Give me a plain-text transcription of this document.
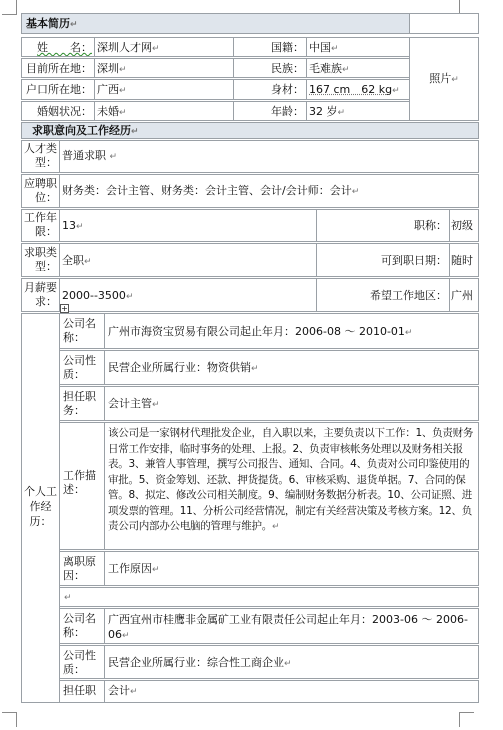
基本简历↵
姓　　名： 深圳人才网↵	国籍： 中国↵
照片↵
目前所在地： 深圳↵	民族： 毛难族↵
户口所在地： 广西↵	身材： 167 cm　62 kg↵
婚姻状况： 未婚↵	年龄： 32 岁↵
求职意向及工作经历↵
人才类型：
普通求职 ↵
应聘职位：
财务类：会计主管、财务类：会计主管、会计/会计师：会计↵
工作年限： 13↵	职称： 初级
求职类型： 全职↵	可到职日期： 随时
月薪要求： 2000--3500↵	希望工作地区： 广州
+
个人工作经历：
公司名称：	广州市海资宝贸易有限公司起止年月：2006-08 ～ 2010-01↵
公司性质：
民营企业所属行业：物资供销↵
担任职务：
会计主管↵
工作描述：
该公司是一家钢材代理批发企业，自入职以来，主要负责以下工作：1、负责财务日常工作安排，临时事务的处理、上报。2、负责审核帐务处理以及财务相关报表。3、兼管人事管理，撰写公司报告、通知、合同。4、负责对公司印鉴使用的审批。5、资金筹划、还款、押货提货。6、审核采购、退货单据。7、合同的保管。8、拟定、修改公司相关制度。9、编制财务数据分析表。10、公司证照、进项发票的管理。11、分析公司经营情况，制定有关经营决策及考核方案。12、负责公司内部办公电脑的管理与维护。↵
离职原因：
工作原因↵
↵
公司名称：
广西宜州市桂鹰非金属矿工业有限责任公司起止年月：2003-06 ～ 2006-06↵
公司性质：
民营企业所属行业：综合性工商企业↵
担任职	会计↵
